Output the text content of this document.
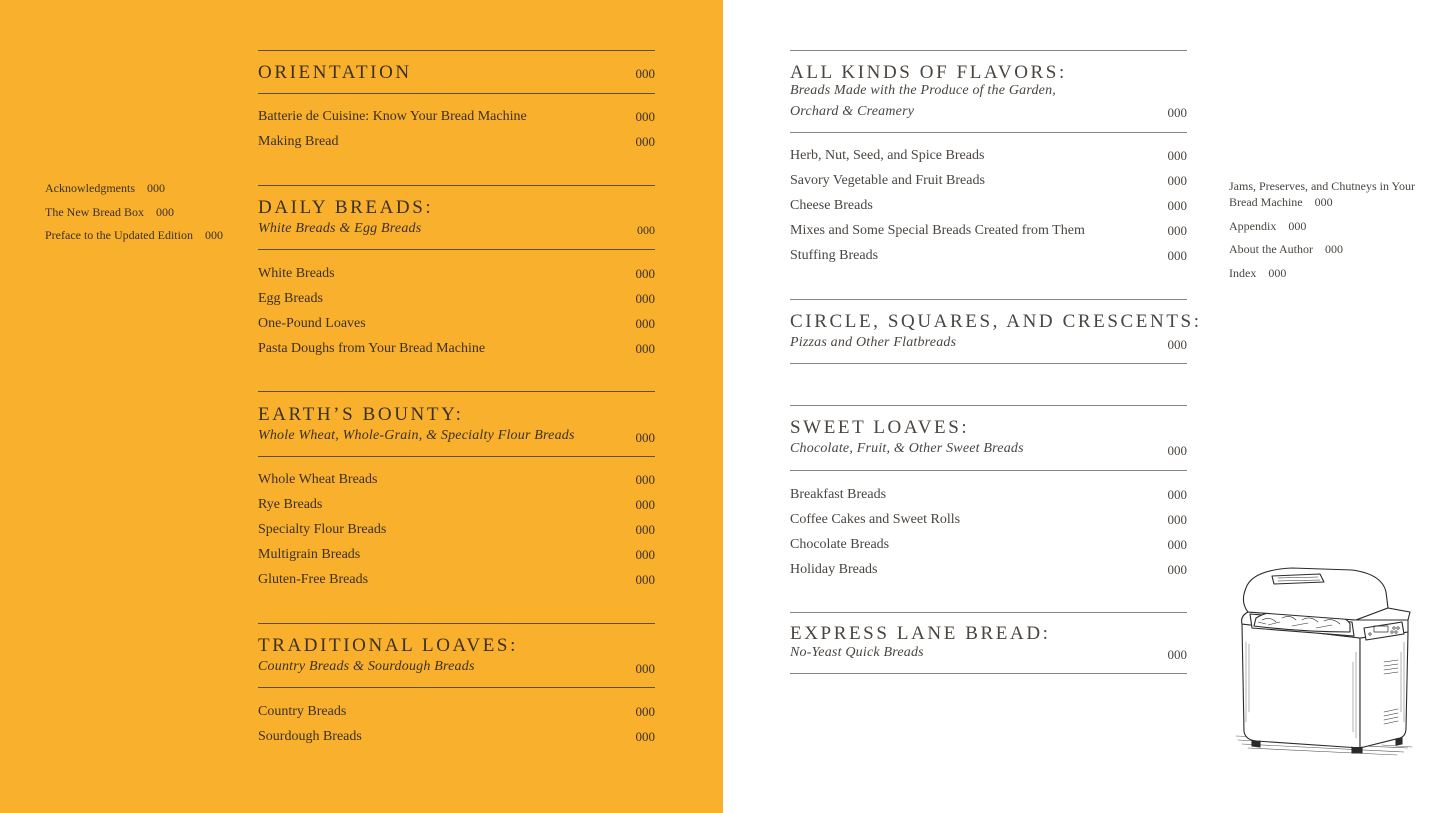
Acknowledgments 000
The New Bread Box 000
Preface to the Updated Edition 000
ORIENTATION	000
Batterie de Cuisine: Know Your Bread Machine	000
Making Bread	000
DAILY BREADS:
White Breads & Egg Breads	000
White Breads	000
Egg Breads	000
One-Pound Loaves	000
Pasta Doughs from Your Bread Machine	000
EARTH’S BOUNTY:
Whole Wheat, Whole-Grain, & Specialty Flour Breads	000
Whole Wheat Breads	000
Rye Breads	000
Specialty Flour Breads	000
Multigrain Breads	000
Gluten-Free Breads	000
TRADITIONAL LOAVES:
Country Breads & Sourdough Breads	000
Country Breads	000
Sourdough Breads	000
ALL KINDS OF FLAVORS:
Breads Made with the Produce of the Garden,
Orchard & Creamery	000
Herb, Nut, Seed, and Spice Breads	000
Savory Vegetable and Fruit Breads	000
Cheese Breads	000
Mixes and Some Special Breads Created from Them	000
Stuffing Breads	000
CIRCLE, SQUARES, AND CRESCENTS:
Pizzas and Other Flatbreads	000
SWEET LOAVES:
Chocolate, Fruit, & Other Sweet Breads	000
Breakfast Breads	000
Coffee Cakes and Sweet Rolls	000
Chocolate Breads	000
Holiday Breads	000
EXPRESS LANE BREAD:
No-Yeast Quick Breads	000
Jams, Preserves, and Chutneys in Your Bread Machine 000
Appendix 000
About the Author 000
Index 000
